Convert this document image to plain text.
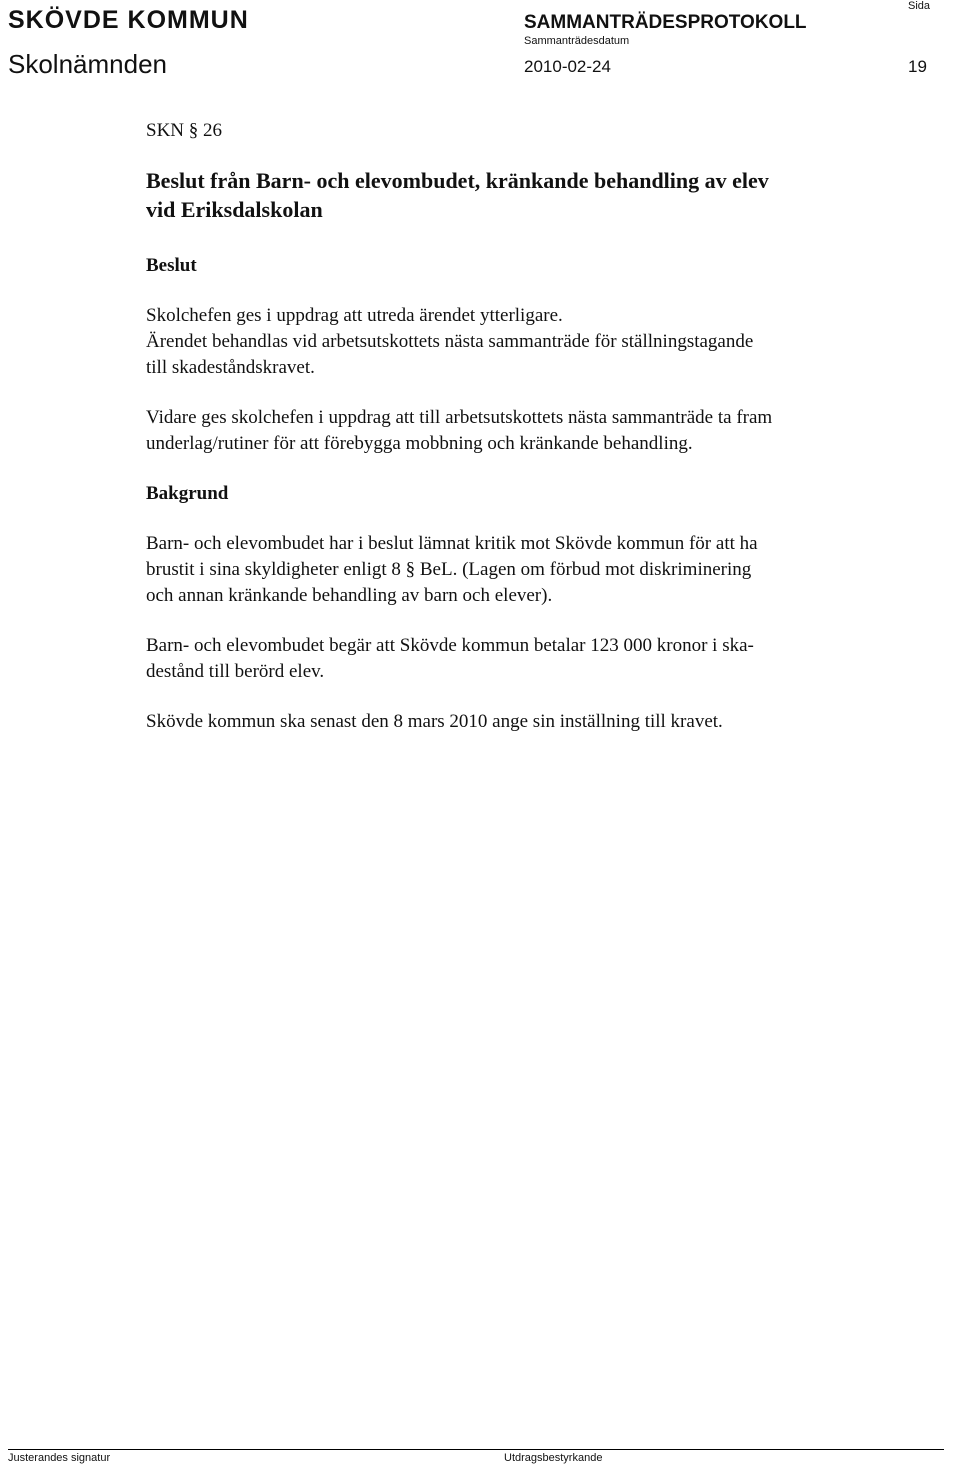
SKÖVDE KOMMUN	SAMMANTRÄDESPROTOKOLL
Sammanträdesdatum
Sida
Skolnämnden	2010-02-24	19

SKN § 26

Beslut från Barn- och elevombudet, kränkande behandling av elev
vid Eriksdalskolan

Beslut

Skolchefen ges i uppdrag att utreda ärendet ytterligare.
Ärendet behandlas vid arbetsutskottets nästa sammanträde för ställningstagande
till skadeståndskravet.

Vidare ges skolchefen i uppdrag att till arbetsutskottets nästa sammanträde ta fram
underlag/rutiner för att förebygga mobbning och kränkande behandling.

Bakgrund

Barn- och elevombudet har i beslut lämnat kritik mot Skövde kommun för att ha
brustit i sina skyldigheter enligt 8 § BeL. (Lagen om förbud mot diskriminering
och annan kränkande behandling av barn och elever).

Barn- och elevombudet begär att Skövde kommun betalar 123 000 kronor i ska-
destånd till berörd elev.

Skövde kommun ska senast den 8 mars 2010 ange sin inställning till kravet.

Justerandes signatur	Utdragsbestyrkande
